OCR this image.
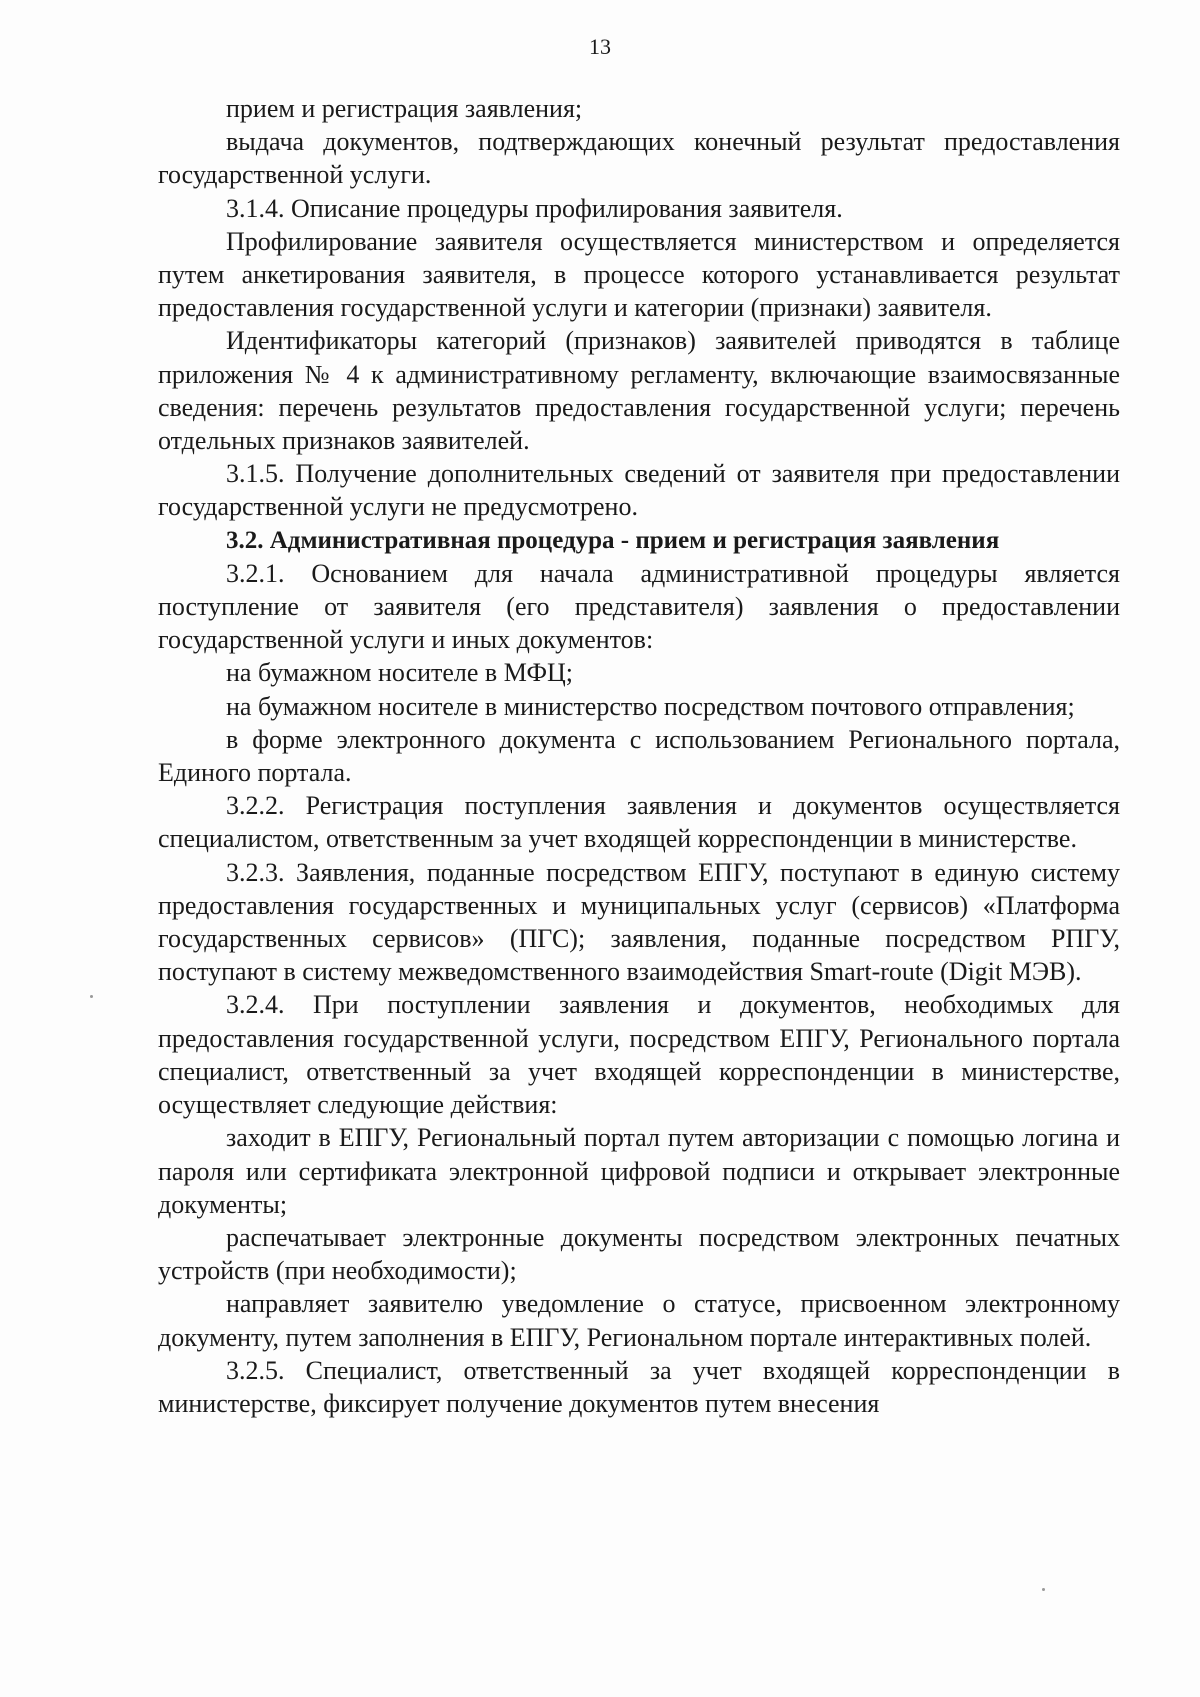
13

прием и регистрация заявления;

выдача документов, подтверждающих конечный результат предоставления государственной услуги.

3.1.4. Описание процедуры профилирования заявителя.

Профилирование заявителя осуществляется министерством и определяется путем анкетирования заявителя, в процессе которого устанавливается результат предоставления государственной услуги и категории (признаки) заявителя.

Идентификаторы категорий (признаков) заявителей приводятся в таблице приложения № 4 к административному регламенту, включающие взаимосвязанные сведения: перечень результатов предоставления государственной услуги; перечень отдельных признаков заявителей.

3.1.5. Получение дополнительных сведений от заявителя при предоставлении государственной услуги не предусмотрено.

3.2. Административная процедура - прием и регистрация заявления

3.2.1. Основанием для начала административной процедуры является поступление от заявителя (его представителя) заявления о предоставлении государственной услуги и иных документов:

на бумажном носителе в МФЦ;

на бумажном носителе в министерство посредством почтового отправления;

в форме электронного документа с использованием Регионального портала, Единого портала.

3.2.2. Регистрация поступления заявления и документов осуществляется специалистом, ответственным за учет входящей корреспонденции в министерстве.

3.2.3. Заявления, поданные посредством ЕПГУ, поступают в единую систему предоставления государственных и муниципальных услуг (сервисов) «Платформа государственных сервисов» (ПГС); заявления, поданные посредством РПГУ, поступают в систему межведомственного взаимодействия Smart-route (Digit МЭВ).

3.2.4. При поступлении заявления и документов, необходимых для предоставления государственной услуги, посредством ЕПГУ, Регионального портала специалист, ответственный за учет входящей корреспонденции в министерстве, осуществляет следующие действия:

заходит в ЕПГУ, Региональный портал путем авторизации с помощью логина и пароля или сертификата электронной цифровой подписи и открывает электронные документы;

распечатывает электронные документы посредством электронных печатных устройств (при необходимости);

направляет заявителю уведомление о статусе, присвоенном электронному документу, путем заполнения в ЕПГУ, Региональном портале интерактивных полей.

3.2.5. Специалист, ответственный за учет входящей корреспонденции в министерстве, фиксирует получение документов путем внесения
